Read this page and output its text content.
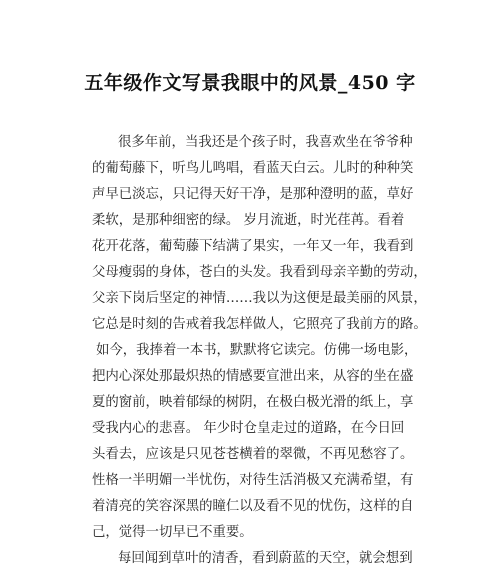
五年级作文写景我眼中的风景_450 字
很多年前，当我还是个孩子时，我喜欢坐在爷爷种
的葡萄藤下，听鸟儿鸣唱，看蓝天白云。儿时的种种笑
声早已淡忘，只记得天好干净，是那种澄明的蓝，草好
柔软，是那种细密的绿。 岁月流逝，时光荏苒。看着
花开花落，葡萄藤下结满了果实，一年又一年，我看到
父母瘦弱的身体，苍白的头发。我看到母亲辛勤的劳动，
父亲下岗后坚定的神情……我以为这便是最美丽的风景，
它总是时刻的告戒着我怎样做人，它照亮了我前方的路。
如今，我捧着一本书，默默将它读完。仿佛一场电影，
把内心深处那最炽热的情感要宣泄出来，从容的坐在盛
夏的窗前，映着郁绿的树阴，在极白极光滑的纸上，享
受我内心的悲喜。 年少时仓皇走过的道路，在今日回
头看去，应该是只见苍苍横着的翠微，不再见愁容了。
性格一半明媚一半忧伤，对待生活消极又充满希望，有
着清亮的笑容深黑的瞳仁以及看不见的忧伤，这样的自
己，觉得一切早已不重要。
每回闻到草叶的清香，看到蔚蓝的天空，就会想到
